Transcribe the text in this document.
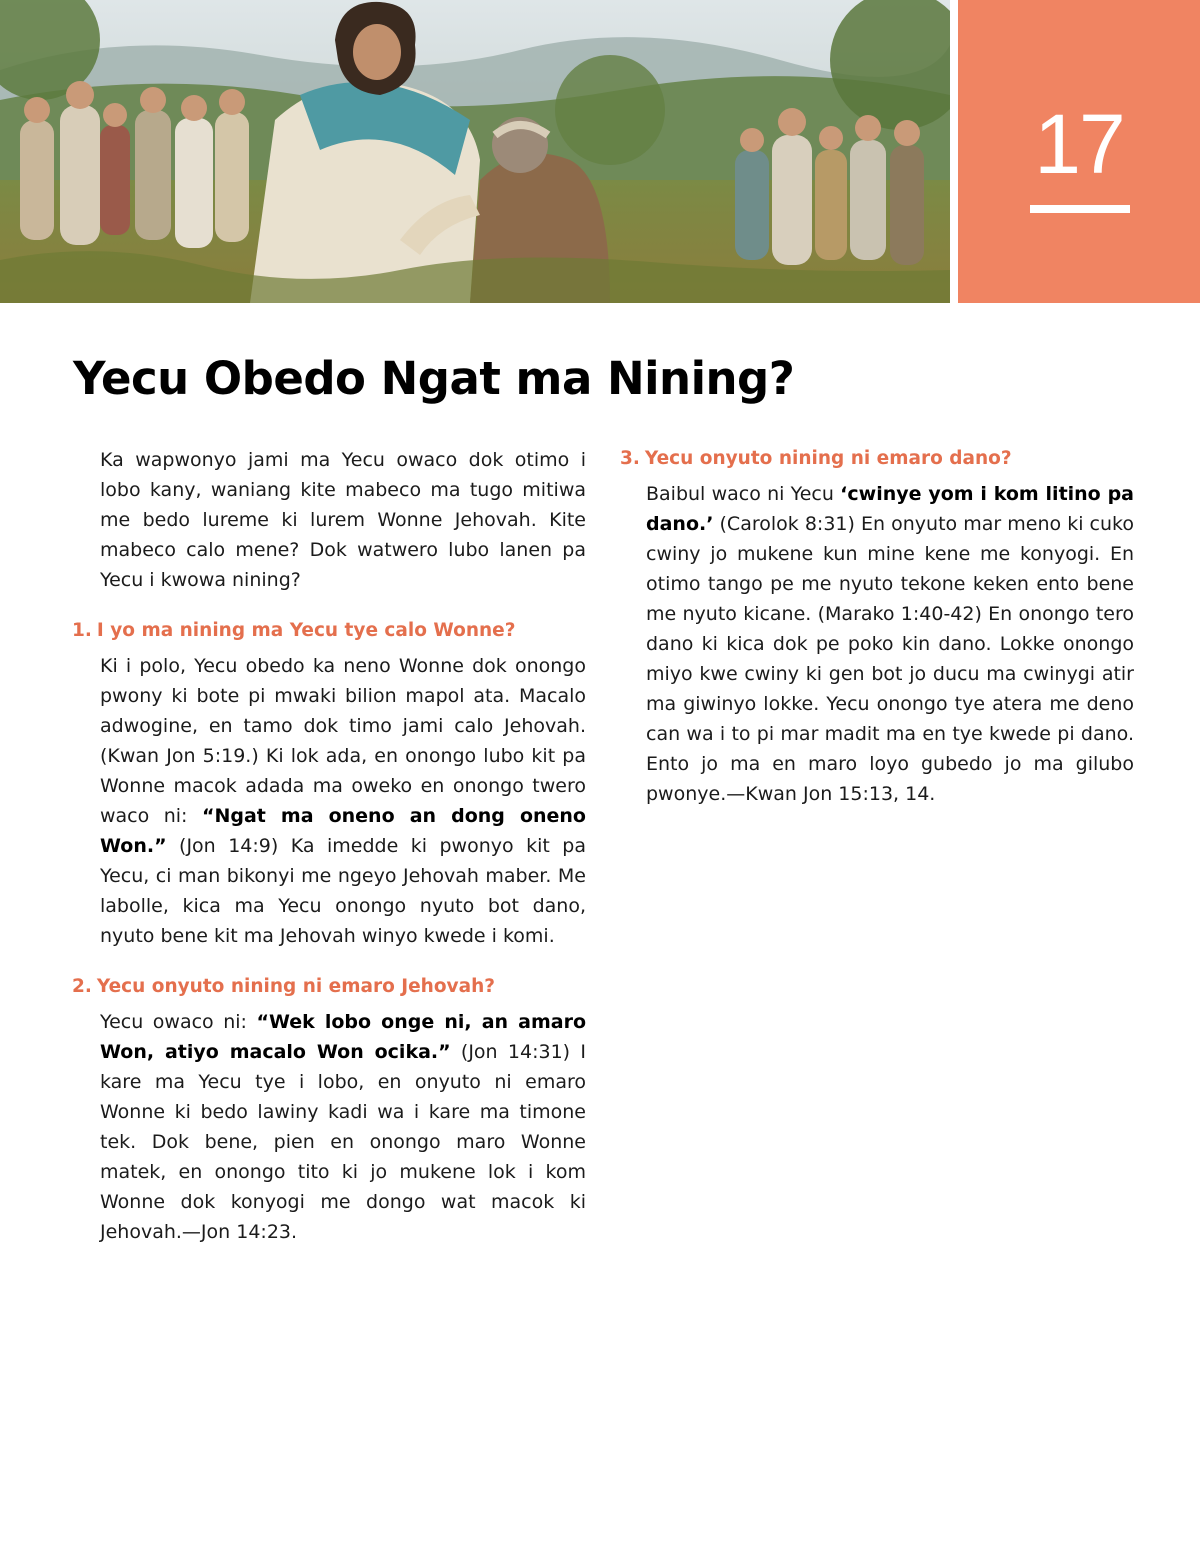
17
Yecu Obedo Ngat ma Nining?

Ka wapwonyo jami ma Yecu owaco dok otimo i lobo kany, waniang kite mabeco ma tugo mitiwa me bedo lureme ki lurem Wonne Jehovah. Kite mabeco calo mene? Dok watwero lubo lanen pa Yecu i kwowa nining?

1. I yo ma nining ma Yecu tye calo Wonne?

Ki i polo, Yecu obedo ka neno Wonne dok onongo pwony ki bote pi mwaki bilion mapol ata. Macalo adwogine, en tamo dok timo jami calo Jehovah. (Kwan Jon 5:19.) Ki lok ada, en onongo lubo kit pa Wonne macok adada ma oweko en onongo twero waco ni: “Ngat ma oneno an dong oneno Won.” (Jon 14:9) Ka imedde ki pwonyo kit pa Yecu, ci man bikonyi me ngeyo Jehovah maber. Me labolle, kica ma Yecu onongo nyuto bot dano, nyuto bene kit ma Jehovah winyo kwede i komi.

2. Yecu onyuto nining ni emaro Jehovah?

Yecu owaco ni: “Wek lobo onge ni, an amaro Won, atiyo macalo Won ocika.” (Jon 14:31) I kare ma Yecu tye i lobo, en onyuto ni emaro Wonne ki bedo lawiny kadi wa i kare ma timone tek. Dok bene, pien en onongo maro Wonne matek, en onongo tito ki jo mukene lok i kom Wonne dok konyogi me dongo wat macok ki Jehovah.—Jon 14:23.

3. Yecu onyuto nining ni emaro dano?

Baibul waco ni Yecu ‘cwinye yom i kom litino pa dano.’ (Carolok 8:31) En onyuto mar meno ki cuko cwiny jo mukene kun mine kene me konyogi. En otimo tango pe me nyuto tekone keken ento bene me nyuto kicane. (Marako 1:40-42) En onongo tero dano ki kica dok pe poko kin dano. Lokke onongo miyo kwe cwiny ki gen bot jo ducu ma cwinygi atir ma giwinyo lokke. Yecu onongo tye atera me deno can wa i to pi mar madit ma en tye kwede pi dano. Ento jo ma en maro loyo gubedo jo ma gilubo pwonye.—Kwan Jon 15:13, 14.
